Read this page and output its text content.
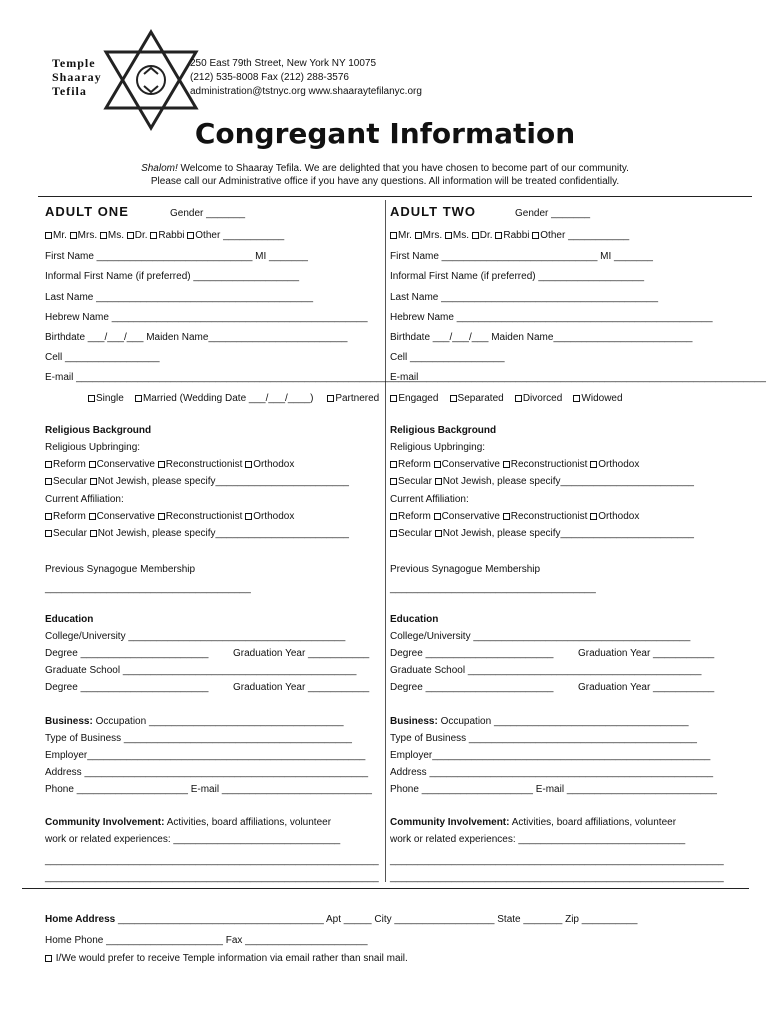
Temple
Shaaray
Tefila
250 East 79th Street, New York NY 10075
(212) 535-8008 Fax (212) 288-3576
administration@tstnyc.org www.shaaraytefilanyc.org
Congregant Information
Shalom! Welcome to Shaaray Tefila. We are delighted that you have chosen to become part of our community.
Please call our Administrative office if you have any questions. All information will be treated confidentially.
ADULT ONE	Gender _______
Mr. Mrs. Ms. Dr. Rabbi Other ___________
First Name ____________________________ MI _______
Informal First Name (if preferred) ___________________
Last Name _______________________________________
Hebrew Name ______________________________________________
Birthdate ___/___/___ Maiden Name_________________________
Cell _________________
E-mail ______________________________________________________________
Religious Background
Religious Upbringing:
Reform Conservative Reconstructionist Orthodox
Secular Not Jewish, please specify________________________
Current Affiliation:
Reform Conservative Reconstructionist Orthodox
Secular Not Jewish, please specify________________________
Previous Synagogue Membership
_____________________________________
Education
College/University _______________________________________
Degree _______________________ Graduation Year ___________
Graduate School __________________________________________
Degree _______________________ Graduation Year ___________
Business: Occupation ___________________________________
Type of Business _________________________________________
Employer__________________________________________________
Address ___________________________________________________
Phone ____________________ E-mail ___________________________
Community Involvement: Activities, board affiliations, volunteer
work or related experiences: ______________________________
____________________________________________________________
____________________________________________________________
ADULT TWO	Gender _______
Mr. Mrs. Ms. Dr. Rabbi Other ___________
First Name ____________________________ MI _______
Informal First Name (if preferred) ___________________
Last Name _______________________________________
Hebrew Name ______________________________________________
Birthdate ___/___/___ Maiden Name_________________________
Cell _________________
E-mail ______________________________________________________________
Religious Background
Religious Upbringing:
Reform Conservative Reconstructionist Orthodox
Secular Not Jewish, please specify________________________
Current Affiliation:
Reform Conservative Reconstructionist Orthodox
Secular Not Jewish, please specify________________________
Previous Synagogue Membership
_____________________________________
Education
College/University _______________________________________
Degree _______________________ Graduation Year ___________
Graduate School __________________________________________
Degree _______________________ Graduation Year ___________
Business: Occupation ___________________________________
Type of Business _________________________________________
Employer__________________________________________________
Address ___________________________________________________
Phone ____________________ E-mail ___________________________
Community Involvement: Activities, board affiliations, volunteer
work or related experiences: ______________________________
____________________________________________________________
____________________________________________________________
Single Married (Wedding Date ___/___/____) Partnered Engaged Separated Divorced Widowed
Home Address _____________________________________ Apt _____ City __________________ State _______ Zip __________
Home Phone _____________________ Fax ______________________
I/We would prefer to receive Temple information via email rather than snail mail.
